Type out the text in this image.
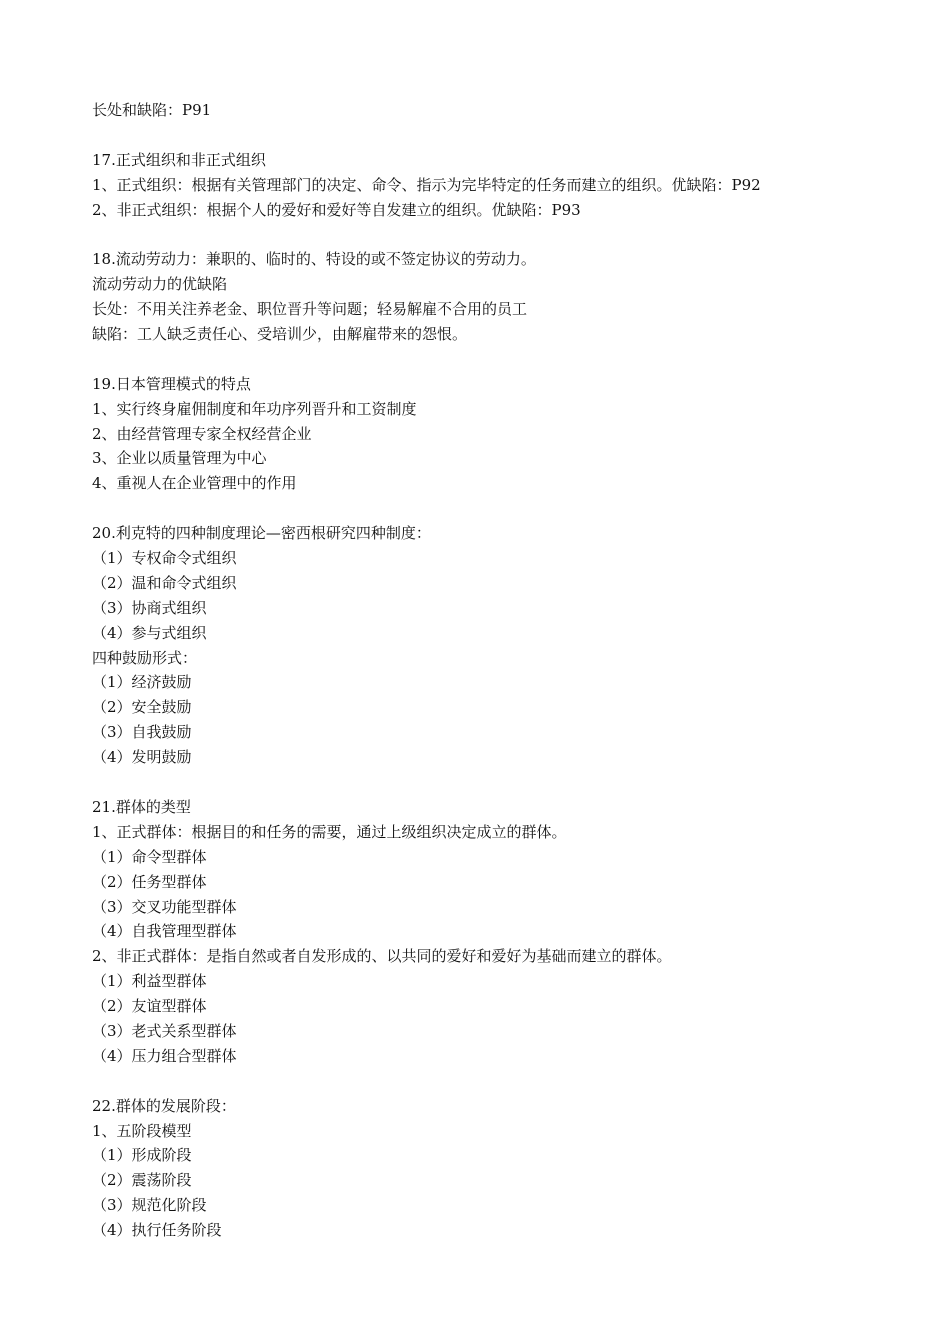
长处和缺陷：P91
17.正式组织和非正式组织
1、正式组织：根据有关管理部门的决定、命令、指示为完毕特定的任务而建立的组织。优缺陷：P92
2、非正式组织：根据个人的爱好和爱好等自发建立的组织。优缺陷：P93
18.流动劳动力：兼职的、临时的、特设的或不签定协议的劳动力。
流动劳动力的优缺陷
长处：不用关注养老金、职位晋升等问题；轻易解雇不合用的员工
缺陷：工人缺乏责任心、受培训少，由解雇带来的怨恨。
19.日本管理模式的特点
1、实行终身雇佣制度和年功序列晋升和工资制度
2、由经营管理专家全权经营企业
3、企业以质量管理为中心
4、重视人在企业管理中的作用
20.利克特的四种制度理论—密西根研究四种制度：
（1）专权命令式组织
（2）温和命令式组织
（3）协商式组织
（4）参与式组织
四种鼓励形式：
（1）经济鼓励
（2）安全鼓励
（3）自我鼓励
（4）发明鼓励
21.群体的类型
1、正式群体：根据目的和任务的需要，通过上级组织决定成立的群体。
（1）命令型群体
（2）任务型群体
（3）交叉功能型群体
（4）自我管理型群体
2、非正式群体：是指自然或者自发形成的、以共同的爱好和爱好为基础而建立的群体。
（1）利益型群体
（2）友谊型群体
（3）老式关系型群体
（4）压力组合型群体
22.群体的发展阶段：
1、五阶段模型
（1）形成阶段
（2）震荡阶段
（3）规范化阶段
（4）执行任务阶段
